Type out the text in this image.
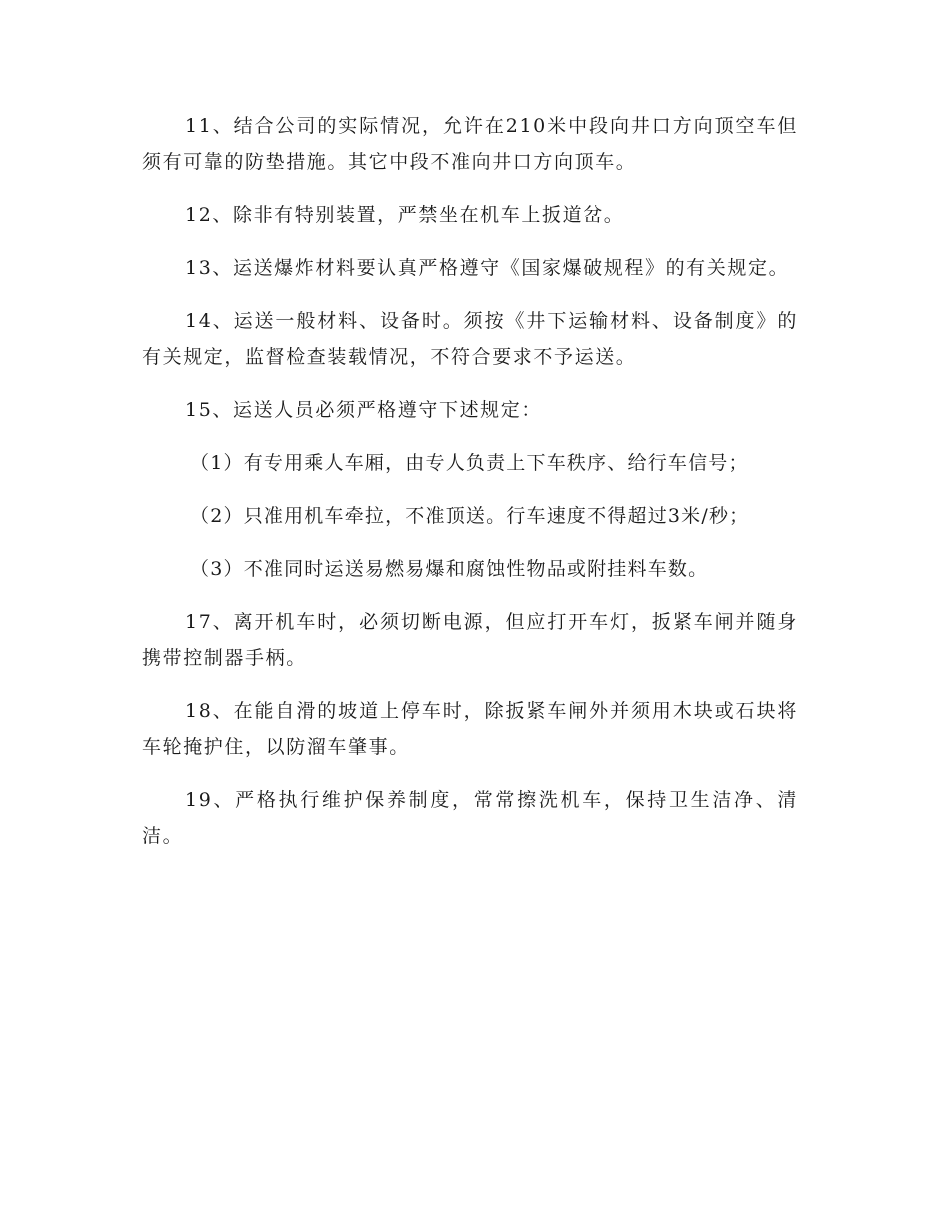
11、结合公司的实际情况，允许在210米中段向井口方向顶空车但须有可靠的防垫措施。其它中段不准向井口方向顶车。

12、除非有特别装置，严禁坐在机车上扳道岔。

13、运送爆炸材料要认真严格遵守《国家爆破规程》的有关规定。

14、运送一般材料、设备时。须按《井下运输材料、设备制度》的有关规定，监督检查装载情况，不符合要求不予运送。

15、运送人员必须严格遵守下述规定：

（1）有专用乘人车厢，由专人负责上下车秩序、给行车信号；

（2）只准用机车牵拉，不准顶送。行车速度不得超过3米/秒；

（3）不准同时运送易燃易爆和腐蚀性物品或附挂料车数。

17、离开机车时，必须切断电源，但应打开车灯，扳紧车闸并随身携带控制器手柄。

18、在能自滑的坡道上停车时，除扳紧车闸外并须用木块或石块将车轮掩护住，以防溜车肇事。

19、严格执行维护保养制度，常常擦洗机车，保持卫生洁净、清洁。
